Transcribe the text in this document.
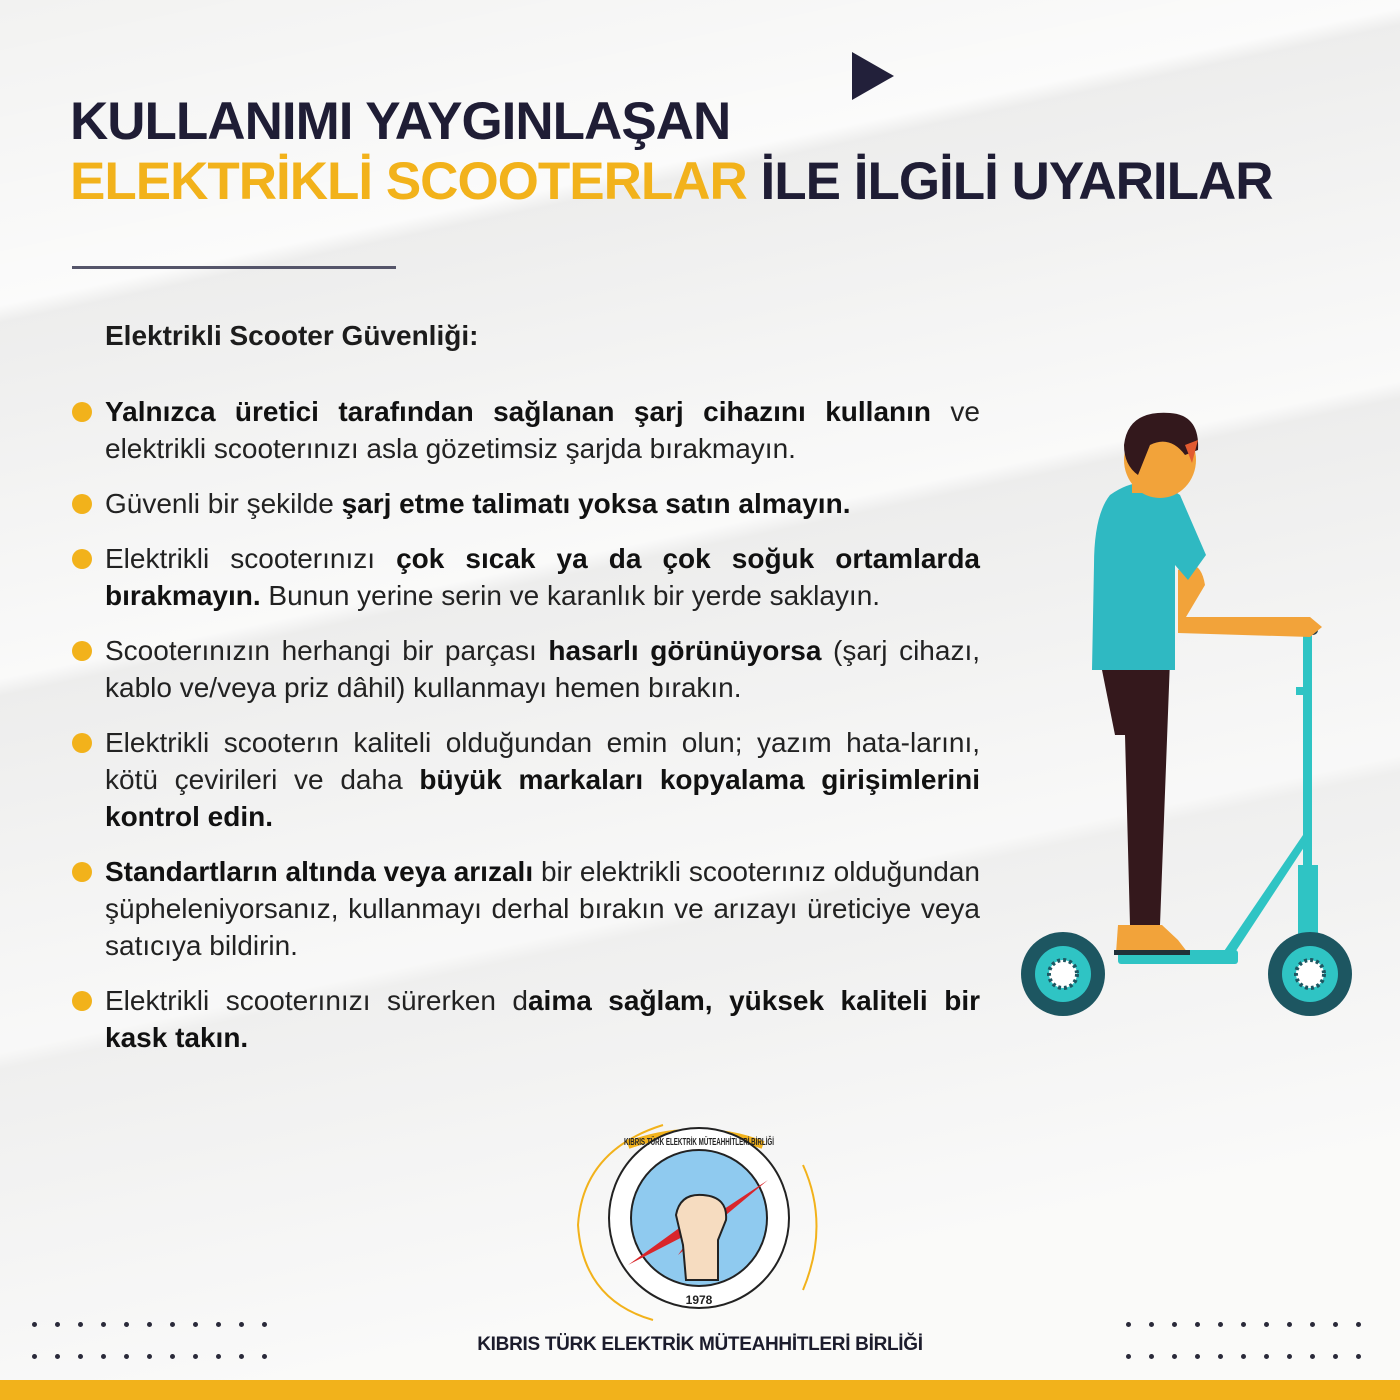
KULLANIMI YAYGINLAŞAN
ELEKTRİKLİ SCOOTERLAR İLE İLGİLİ UYARILAR
Elektrikli Scooter Güvenliği:
Yalnızca üretici tarafından sağlanan şarj cihazını kullanın ve elektrikli scooterınızı asla gözetimsiz şarjda bırakmayın.
Güvenli bir şekilde şarj etme talimatı yoksa satın almayın.
Elektrikli scooterınızı çok sıcak ya da çok soğuk ortamlarda bırakmayın. Bunun yerine serin ve karanlık bir yerde saklayın.
Scooterınızın herhangi bir parçası hasarlı görünüyorsa (şarj cihazı, kablo ve/veya priz dâhil) kullanmayı hemen bırakın.
Elektrikli scooterın kaliteli olduğundan emin olun; yazım hata-larını, kötü çevirileri ve daha büyük markaları kopyalama girişimlerini kontrol edin.
Standartların altında veya arızalı bir elektrikli scooterınız olduğundan şüpheleniyorsanız, kullanmayı derhal bırakın ve arızayı üreticiye veya satıcıya bildirin.
Elektrikli scooterınızı sürerken daima sağlam, yüksek kaliteli bir kask takın.
1978
KIBRIS TÜRK ELEKTRİK MÜTEAHHİTLERİ BİRLİĞİ
KIBRIS TÜRK ELEKTRİK MÜTEAHHİTLERİ BİRLİĞİ
